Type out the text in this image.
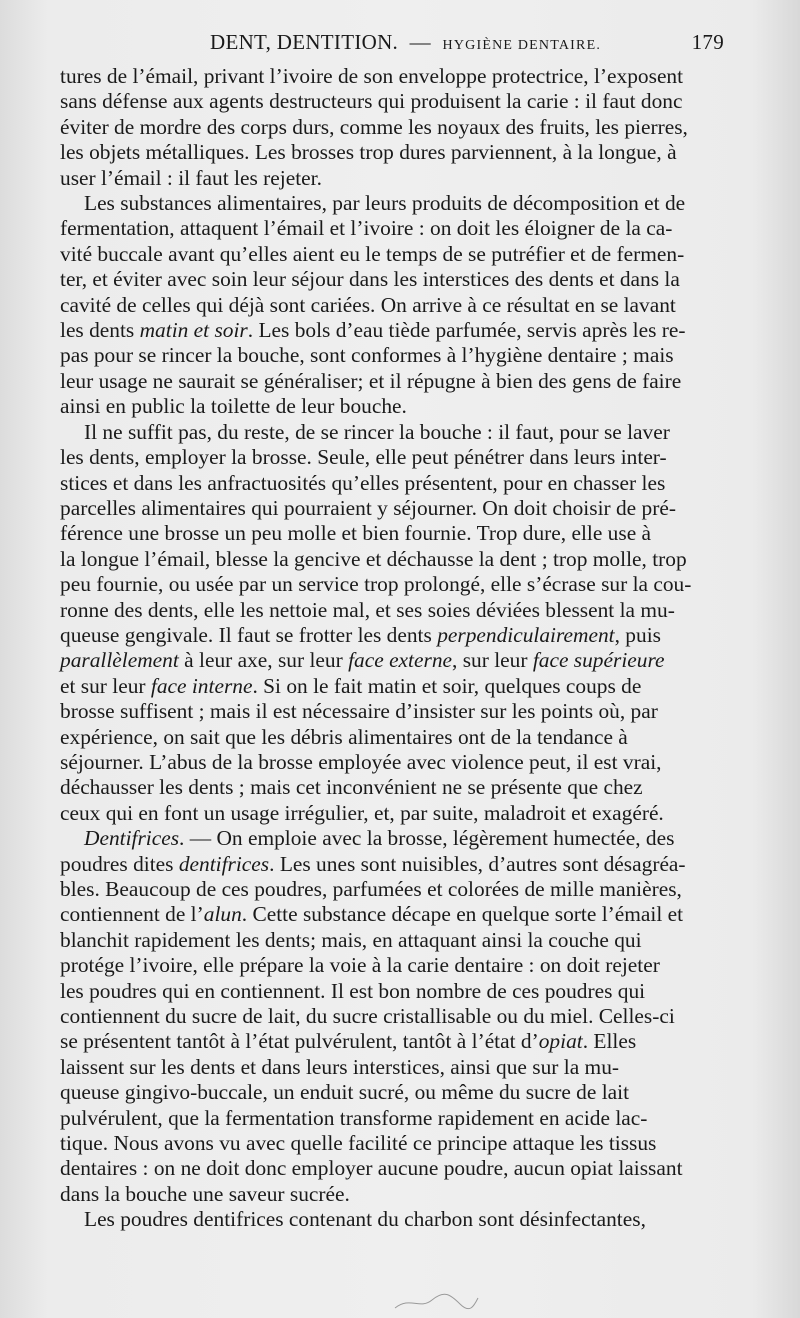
DENT, DENTITION. — HYGIÈNE DENTAIRE.	179
tures de l’émail, privant l’ivoire de son enveloppe protectrice, l’exposent
sans défense aux agents destructeurs qui produisent la carie : il faut donc
éviter de mordre des corps durs, comme les noyaux des fruits, les pierres,
les objets métalliques. Les brosses trop dures parviennent, à la longue, à
user l’émail : il faut les rejeter.
Les substances alimentaires, par leurs produits de décomposition et de
fermentation, attaquent l’émail et l’ivoire : on doit les éloigner de la ca-
vité buccale avant qu’elles aient eu le temps de se putréfier et de fermen-
ter, et éviter avec soin leur séjour dans les interstices des dents et dans la
cavité de celles qui déjà sont cariées. On arrive à ce résultat en se lavant
les dents matin et soir. Les bols d’eau tiède parfumée, servis après les re-
pas pour se rincer la bouche, sont conformes à l’hygiène dentaire ; mais
leur usage ne saurait se généraliser; et il répugne à bien des gens de faire
ainsi en public la toilette de leur bouche.
Il ne suffit pas, du reste, de se rincer la bouche : il faut, pour se laver
les dents, employer la brosse. Seule, elle peut pénétrer dans leurs inter-
stices et dans les anfractuosités qu’elles présentent, pour en chasser les
parcelles alimentaires qui pourraient y séjourner. On doit choisir de pré-
férence une brosse un peu molle et bien fournie. Trop dure, elle use à
la longue l’émail, blesse la gencive et déchausse la dent ; trop molle, trop
peu fournie, ou usée par un service trop prolongé, elle s’écrase sur la cou-
ronne des dents, elle les nettoie mal, et ses soies déviées blessent la mu-
queuse gengivale. Il faut se frotter les dents perpendiculairement, puis
parallèlement à leur axe, sur leur face externe, sur leur face supérieure
et sur leur face interne. Si on le fait matin et soir, quelques coups de
brosse suffisent ; mais il est nécessaire d’insister sur les points où, par
expérience, on sait que les débris alimentaires ont de la tendance à
séjourner. L’abus de la brosse employée avec violence peut, il est vrai,
déchausser les dents ; mais cet inconvénient ne se présente que chez
ceux qui en font un usage irrégulier, et, par suite, maladroit et exagéré.
Dentifrices. — On emploie avec la brosse, légèrement humectée, des
poudres dites dentifrices. Les unes sont nuisibles, d’autres sont désagréa-
bles. Beaucoup de ces poudres, parfumées et colorées de mille manières,
contiennent de l’alun. Cette substance décape en quelque sorte l’émail et
blanchit rapidement les dents; mais, en attaquant ainsi la couche qui
protége l’ivoire, elle prépare la voie à la carie dentaire : on doit rejeter
les poudres qui en contiennent. Il est bon nombre de ces poudres qui
contiennent du sucre de lait, du sucre cristallisable ou du miel. Celles-ci
se présentent tantôt à l’état pulvérulent, tantôt à l’état d’opiat. Elles
laissent sur les dents et dans leurs interstices, ainsi que sur la mu-
queuse gingivo-buccale, un enduit sucré, ou même du sucre de lait
pulvérulent, que la fermentation transforme rapidement en acide lac-
tique. Nous avons vu avec quelle facilité ce principe attaque les tissus
dentaires : on ne doit donc employer aucune poudre, aucun opiat laissant
dans la bouche une saveur sucrée.
Les poudres dentifrices contenant du charbon sont désinfectantes,
